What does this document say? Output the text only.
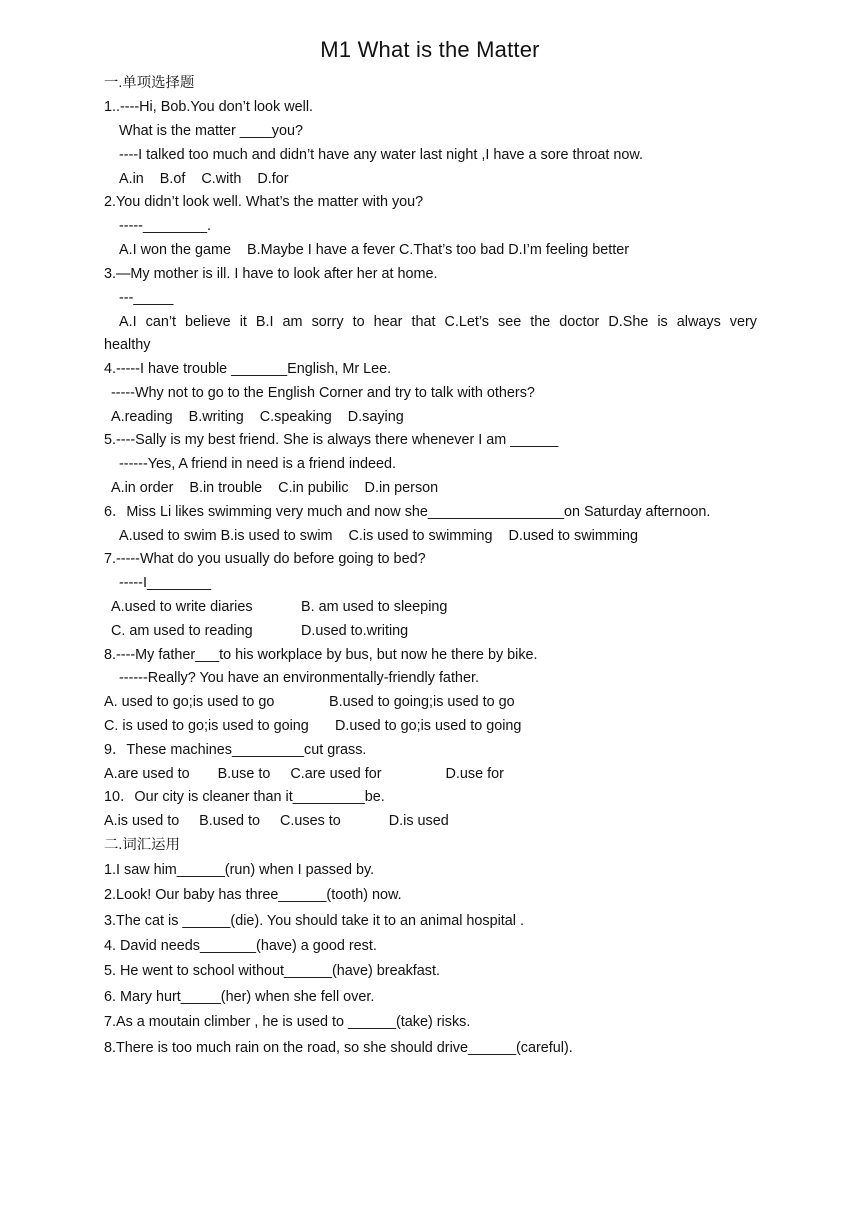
M1 What is the Matter
一.单项选择题
1..----Hi, Bob.You don’t look well.
What is the matter ____you?
----I talked too much and didn’t have any water last night ,I have a sore throat now.
A.in    B.of    C.with    D.for
2.You didn’t look well. What’s the matter with you?
-----________.
A.I won the game    B.Maybe I have a fever C.That’s too bad D.I’m feeling better
3.—My mother is ill. I have to look after her at home.
---_____
A.I can’t believe it B.I am sorry to hear that C.Let’s see the doctor D.She is always very
healthy
4.-----I have trouble _______English, Mr Lee.
-----Why not to go to the English Corner and try to talk with others?
A.reading    B.writing    C.speaking    D.saying
5.----Sally is my best friend. She is always there whenever I am ______
------Yes, A friend in need is a friend indeed.
A.in order    B.in trouble    C.in pubilic    D.in person
6．Miss Li likes swimming very much and now she_________________on Saturday afternoon.
A.used to swim B.is used to swim    C.is used to swimming    D.used to swimming
7.-----What do you usually do before going to bed?
-----I________
A.used to write diaries	B. am used to sleeping
C. am used to reading	D.used to.writing
8.----My father___to his workplace by bus, but now he there by bike.
------Really? You have an environmentally-friendly father.
A. used to go;is used to go	B.used to going;is used to go
C. is used to go;is used to going D.used to go;is used to going
9．These machines_________cut grass.
A.are used to       B.use to     C.are used for                D.use for
10．Our city is cleaner than it_________be.
A.is used to     B.used to     C.uses to            D.is used
二.词汇运用
1.I saw him______(run) when I passed by.
2.Look! Our baby has three______(tooth) now.
3.The cat is ______(die). You should take it to an animal hospital .
4. David needs_______(have) a good rest.
5. He went to school without______(have) breakfast.
6. Mary hurt_____(her) when she fell over.
7.As a moutain climber , he is used to ______(take) risks.
8.There is too much rain on the road, so she should drive______(careful).
